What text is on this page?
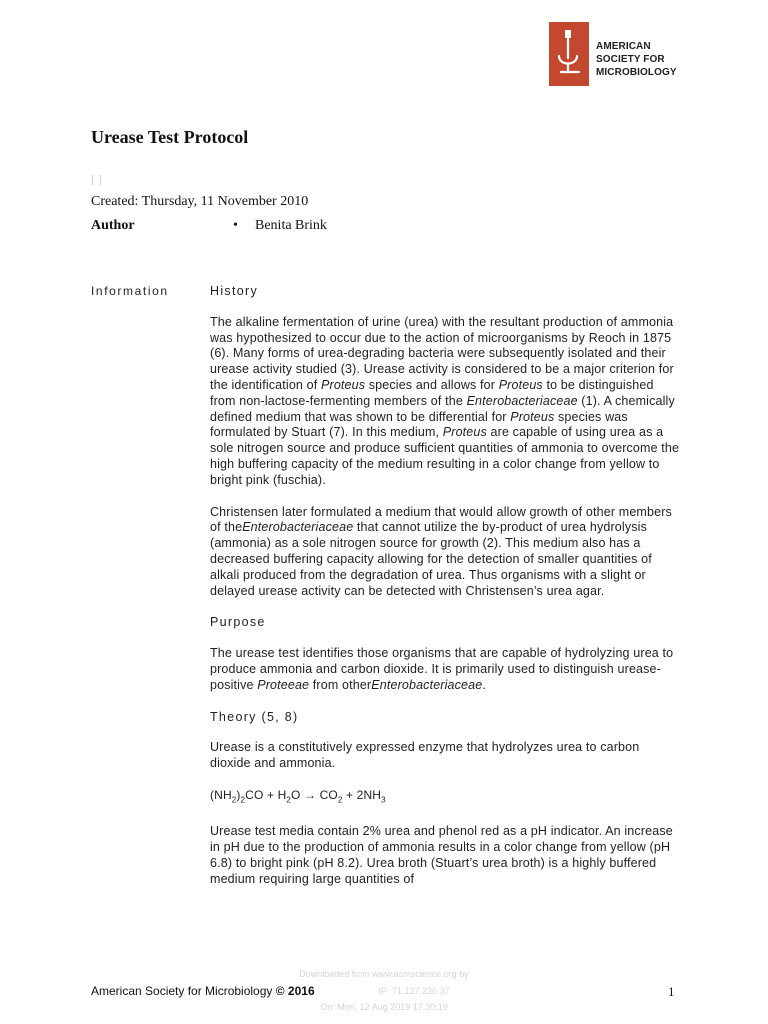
AMERICAN
SOCIETY FOR
MICROBIOLOGY
Urease Test Protocol
[ ]
Created: Thursday, 11 November 2010
Author	• Benita Brink
Information	History

The alkaline fermentation of urine (urea) with the resultant production of ammonia was hypothesized to occur due to the action of microorganisms by Reoch in 1875 (6). Many forms of urea-degrading bacteria were subsequently isolated and their urease activity studied (3). Urease activity is considered to be a major criterion for the identification of Proteus species and allows for Proteus to be distinguished from non-lactose-fermenting members of the Enterobacteriaceae (1). A chemically defined medium that was shown to be differential for Proteus species was formulated by Stuart (7). In this medium, Proteus are capable of using urea as a sole nitrogen source and produce sufficient quantities of ammonia to overcome the high buffering capacity of the medium resulting in a color change from yellow to bright pink (fuschia).

Christensen later formulated a medium that would allow growth of other members of theEnterobacteriaceae that cannot utilize the by-product of urea hydrolysis (ammonia) as a sole nitrogen source for growth (2). This medium also has a decreased buffering capacity allowing for the detection of smaller quantities of alkali produced from the degradation of urea. Thus organisms with a slight or delayed urease activity can be detected with Christensen’s urea agar.

Purpose

The urease test identifies those organisms that are capable of hydrolyzing urea to produce ammonia and carbon dioxide. It is primarily used to distinguish urease-positive Proteeae from otherEnterobacteriaceae.

Theory (5, 8)

Urease is a constitutively expressed enzyme that hydrolyzes urea to carbon dioxide and ammonia.

$(NH_2)_2CO + H_2O \to CO_2 + 2NH_3$

Urease test media contain 2% urea and phenol red as a pH indicator. An increase in pH due to the production of ammonia results in a color change from yellow (pH 6.8) to bright pink (pH 8.2). Urea broth (Stuart’s urea broth) is a highly buffered medium requiring large quantities of

Downloaded from www.asmscience.org by
IP: 71.127.236.37
On: Mon, 12 Aug 2019 17:30:19
American Society for Microbiology © 2016	1
